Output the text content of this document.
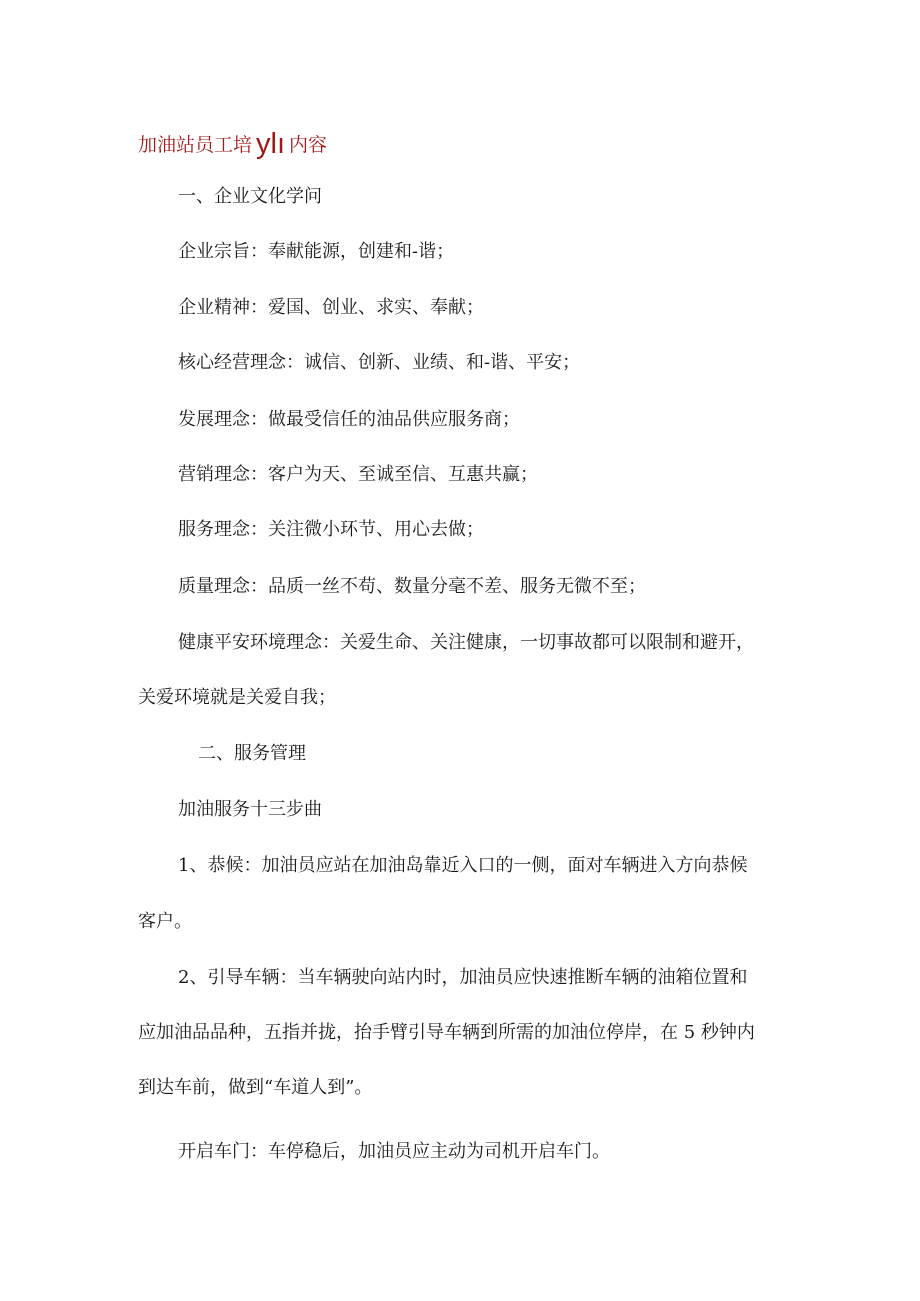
加油站员工培 ylı 内容
一、企业文化学问
企业宗旨：奉献能源，创建和-谐；
企业精神：爱国、创业、求实、奉献；
核心经营理念：诚信、创新、业绩、和-谐、平安；
发展理念：做最受信任的油品供应服务商；
营销理念：客户为天、至诚至信、互惠共赢；
服务理念：关注微小环节、用心去做；
质量理念：品质一丝不苟、数量分毫不差、服务无微不至；
健康平安环境理念：关爱生命、关注健康，一切事故都可以限制和避开，
关爱环境就是关爱自我；
二、服务管理
加油服务十三步曲
1、恭候：加油员应站在加油岛靠近入口的一侧，面对车辆进入方向恭候
客户。
2、引导车辆：当车辆驶向站内时，加油员应快速推断车辆的油箱位置和
应加油品品种，五指并拢，抬手臂引导车辆到所需的加油位停岸，在 5 秒钟内
到达车前，做到“车道人到”。
开启车门：车停稳后，加油员应主动为司机开启车门。
